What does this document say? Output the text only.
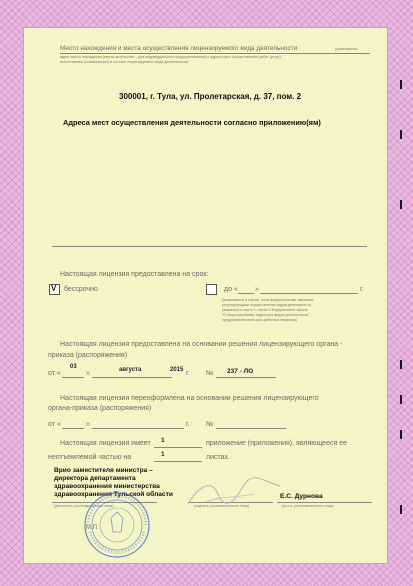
Место нахождения и места осуществления лицензируемого вида деятельности	(указываются
адрес места нахождения (места жительства – для индивидуального предпринимателя) и адреса мест осуществления работ (услуг),
выполняемых (оказываемых) в составе лицензируемого вида деятельности)
300001, г. Тула, ул. Пролетарская, д. 37, пом. 2
Адреса мест осуществления деятельности согласно приложению(ям)
Настоящая лицензия предоставлена на срок:
V бессрочно	до « »	г.
(указывается в случае, если федеральными законами,
регулирующими осуществление видов деятельности,
указанных в части 4 статьи 1 Федерального закона
"О лицензировании отдельных видов деятельности",
предусмотрен иной срок действия лицензии)
Настоящая лицензия предоставлена на основании решения лицензирующего органа -
приказа (распоряжения)
от «
03
»	августа	2015 г. № 237 - ЛО
Настоящая лицензия переоформлена на основании решения лицензирующего
органа-приказа (распоряжения)
от «	»	г. №
Настоящая лицензия имеет 1	приложение (приложения), являющееся ее
неотъемлемой частью на	1	листах.
Врио заместителя министра –
директора департамента
здравоохранения министерства
здравоохранения Тульской области	Е.С. Дурнова
(должность уполномоченного лица)	(подпись уполномоченного лица)	(ф.и.о. уполномоченного лица)
М.П.
